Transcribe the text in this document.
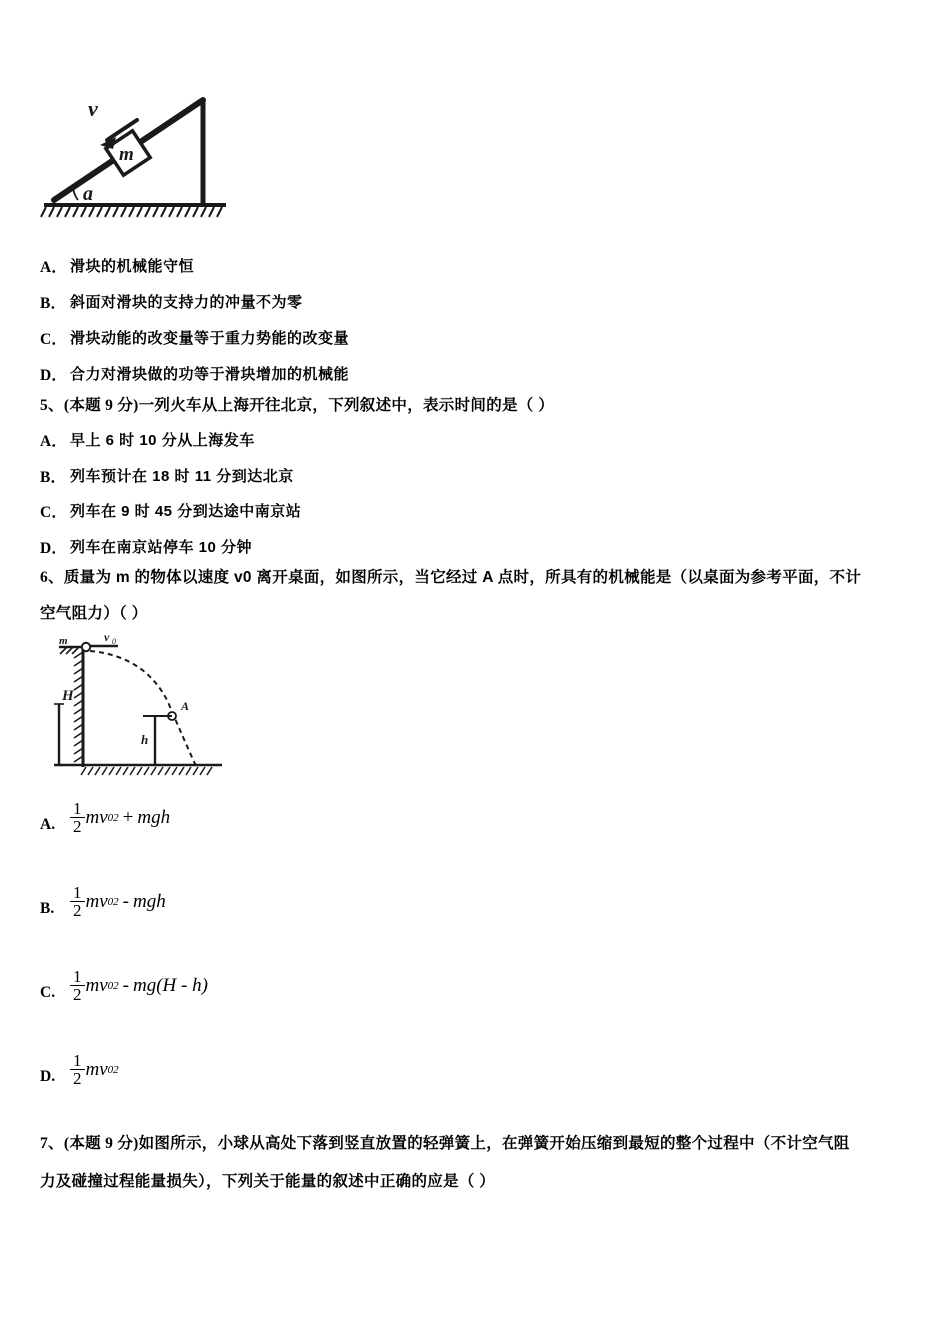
v
m
a
A． 滑块的机械能守恒
B． 斜面对滑块的支持力的冲量不为零
C． 滑块动能的改变量等于重力势能的改变量
D． 合力对滑块做的功等于滑块增加的机械能
5、(本题 9 分)一列火车从上海开往北京，下列叙述中，表示时间的是（ ）
A． 早上 6 时 10 分从上海发车
B． 列车预计在 18 时 11 分到达北京
C． 列车在 9 时 45 分到达途中南京站
D． 列车在南京站停车 10 分钟
6、质量为 m 的物体以速度 v0 离开桌面，如图所示，当它经过 A 点时，所具有的机械能是（以桌面为参考平面，不计
空气阻力）（ ）
m	v 0
H
h
A
A. $\frac{1}{2}$ mv 0 2 + mgh
B. $\frac{1}{2}$ mv 0 2 - mgh
C. $\frac{1}{2}$ mv 0 2 - mg(H - h)
D. $\frac{1}{2}$ mv 0 2
7、(本题 9 分)如图所示，小球从高处下落到竖直放置的轻弹簧上，在弹簧开始压缩到最短的整个过程中（不计空气阻
力及碰撞过程能量损失），下列关于能量的叙述中正确的应是（ ）
